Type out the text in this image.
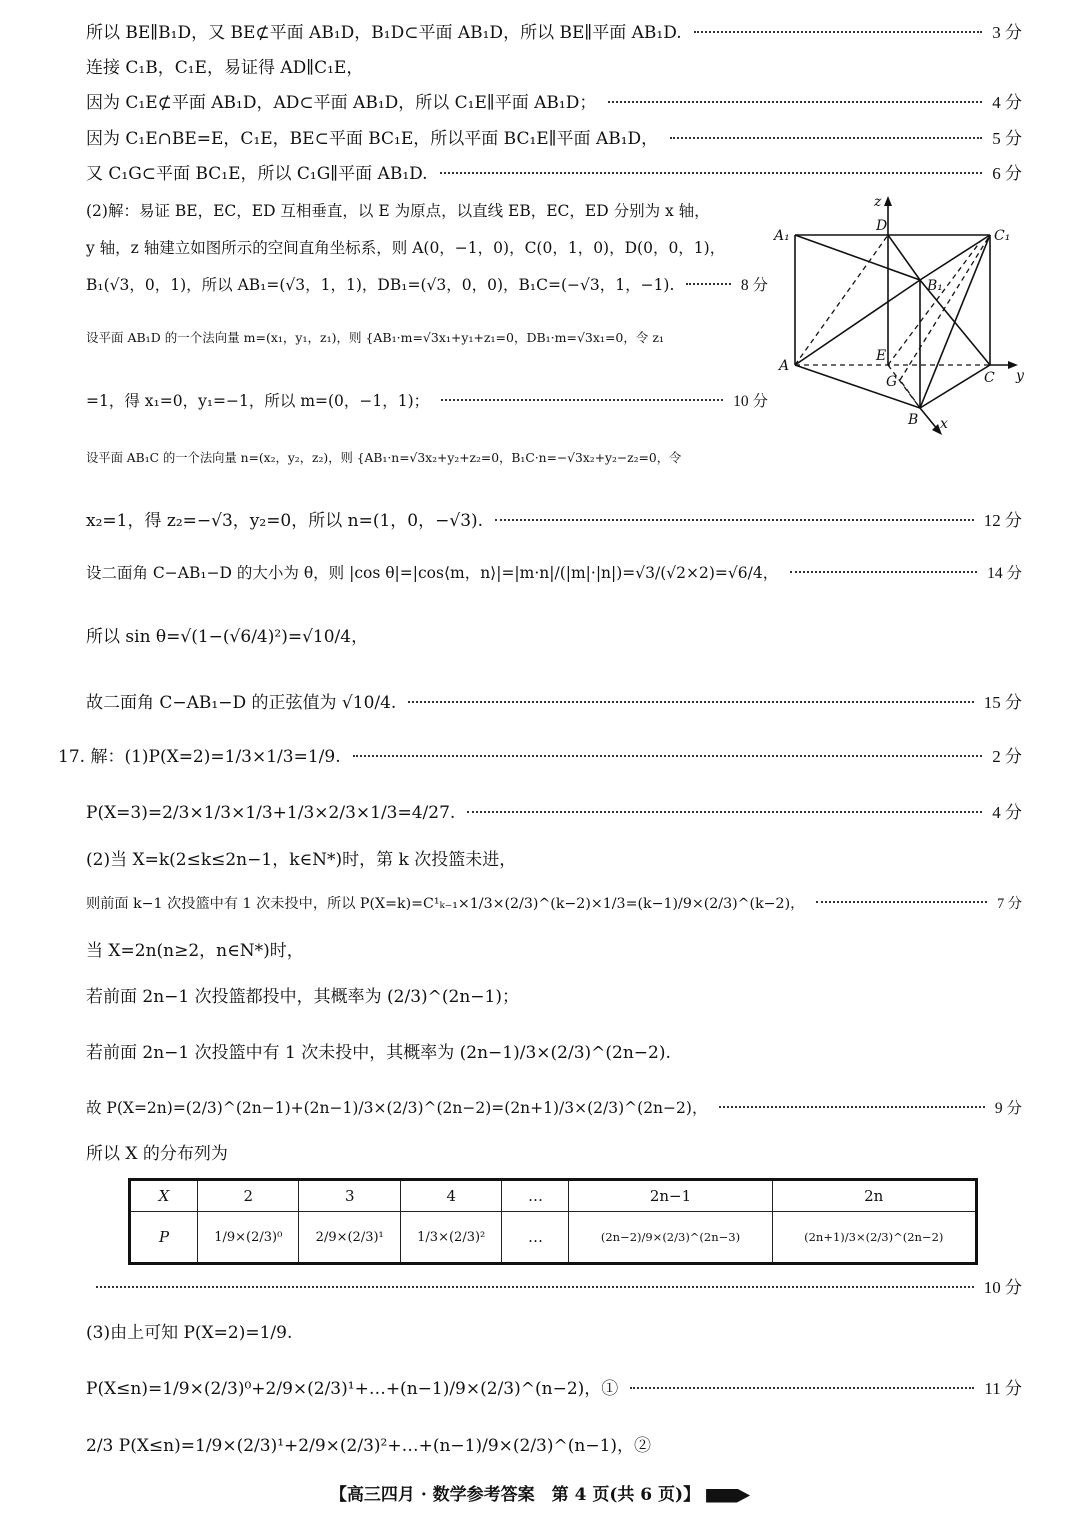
所以 BE∥B₁D，又 BE⊄平面 AB₁D，B₁D⊂平面 AB₁D，所以 BE∥平面 AB₁D.	3 分
连接 C₁B，C₁E，易证得 AD∥C₁E，
因为 C₁E⊄平面 AB₁D，AD⊂平面 AB₁D，所以 C₁E∥平面 AB₁D；	4 分
因为 C₁E∩BE=E，C₁E，BE⊂平面 BC₁E，所以平面 BC₁E∥平面 AB₁D，	5 分
又 C₁G⊂平面 BC₁E，所以 C₁G∥平面 AB₁D.	6 分
(2)解：易证 BE，EC，ED 互相垂直，以 E 为原点，以直线 EB，EC，ED 分别为 x 轴，
y 轴，z 轴建立如图所示的空间直角坐标系，则 A(0，−1，0)，C(0，1，0)，D(0，0，1)，
B₁(√3，0，1)，所以 AB₁=(√3，1，1)，DB₁=(√3，0，0)，B₁C=(−√3，1，−1).	8 分
设平面 AB₁D 的一个法向量 m=(x₁，y₁，z₁)，则 {AB₁·m=√3x₁+y₁+z₁=0，DB₁·m=√3x₁=0，令 z₁
=1，得 x₁=0，y₁=−1，所以 m=(0，−1，1)；	10 分
设平面 AB₁C 的一个法向量 n=(x₂，y₂，z₂)，则 {AB₁·n=√3x₂+y₂+z₂=0，B₁C·n=−√3x₂+y₂−z₂=0，令
x₂=1，得 z₂=−√3，y₂=0，所以 n=(1，0，−√3).	12 分
设二面角 C−AB₁−D 的大小为 θ，则 |cos θ|=|cos⟨m，n⟩|=|m·n|/(|m|·|n|)=√3/(√2×2)=√6/4，	14 分
所以 sin θ=√(1−(√6/4)²)=√10/4，
故二面角 C−AB₁−D 的正弦值为 √10/4.	15 分
17. 解：(1)P(X=2)=1/3×1/3=1/9.	2 分
P(X=3)=2/3×1/3×1/3+1/3×2/3×1/3=4/27.	4 分
(2)当 X=k(2≤k≤2n−1，k∈N*)时，第 k 次投篮未进，
则前面 k−1 次投篮中有 1 次未投中，所以 P(X=k)=C¹ₖ₋₁×1/3×(2/3)^(k−2)×1/3=(k−1)/9×(2/3)^(k−2)，	7 分
当 X=2n(n≥2，n∈N*)时，
若前面 2n−1 次投篮都投中，其概率为 (2/3)^(2n−1)；
若前面 2n−1 次投篮中有 1 次未投中，其概率为 (2n−1)/3×(2/3)^(2n−2).
故 P(X=2n)=(2/3)^(2n−1)+(2n−1)/3×(2/3)^(2n−2)=(2n+1)/3×(2/3)^(2n−2)，	9 分
所以 X 的分布列为
X	2	3	4	…	2n−1	2n
P	1/9×(2/3)⁰	2/9×(2/3)¹	1/3×(2/3)²	…	(2n−2)/9×(2/3)^(2n−3)	(2n+1)/3×(2/3)^(2n−2)
10 分
(3)由上可知 P(X=2)=1/9.
P(X≤n)=1/9×(2/3)⁰+2/9×(2/3)¹+…+(n−1)/9×(2/3)^(n−2)，①	11 分
2/3 P(X≤n)=1/9×(2/3)¹+2/9×(2/3)²+…+(n−1)/9×(2/3)^(n−1)，②
A₁
D
C₁
B₁
A
E
G	C
B x
y
z
【高三四月 · 数学参考答案　第 4 页(共 6 页)】
